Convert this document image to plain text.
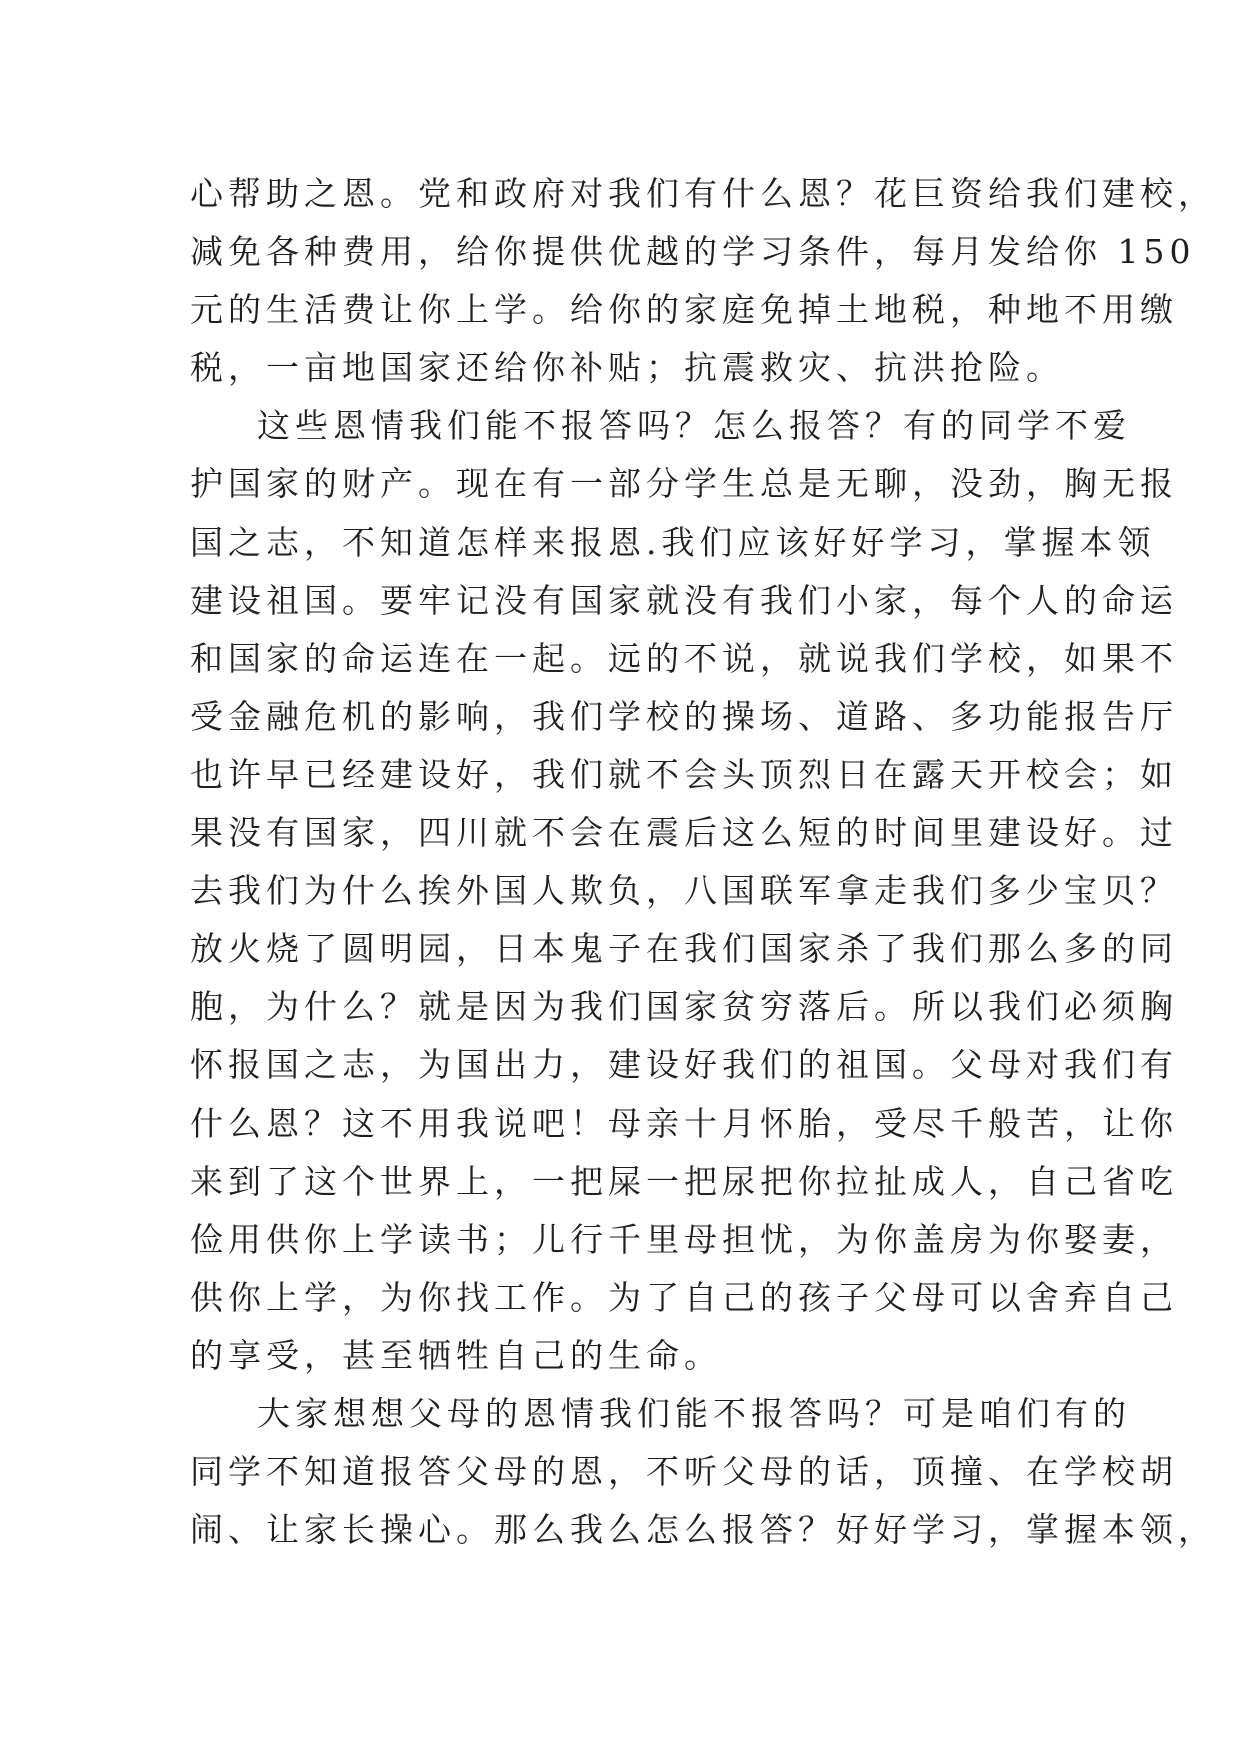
心帮助之恩。党和政府对我们有什么恩？花巨资给我们建校，
减免各种费用，给你提供优越的学习条件，每月发给你 150
元的生活费让你上学。给你的家庭免掉土地税，种地不用缴
税，一亩地国家还给你补贴；抗震救灾、抗洪抢险。
这些恩情我们能不报答吗？怎么报答？有的同学不爱
护国家的财产。现在有一部分学生总是无聊，没劲，胸无报
国之志，不知道怎样来报恩.我们应该好好学习，掌握本领
建设祖国。要牢记没有国家就没有我们小家，每个人的命运
和国家的命运连在一起。远的不说，就说我们学校，如果不
受金融危机的影响，我们学校的操场、道路、多功能报告厅
也许早已经建设好，我们就不会头顶烈日在露天开校会；如
果没有国家，四川就不会在震后这么短的时间里建设好。过
去我们为什么挨外国人欺负，八国联军拿走我们多少宝贝？
放火烧了圆明园，日本鬼子在我们国家杀了我们那么多的同
胞，为什么？就是因为我们国家贫穷落后。所以我们必须胸
怀报国之志，为国出力，建设好我们的祖国。父母对我们有
什么恩？这不用我说吧！母亲十月怀胎，受尽千般苦，让你
来到了这个世界上，一把屎一把尿把你拉扯成人，自己省吃
俭用供你上学读书；儿行千里母担忧，为你盖房为你娶妻，
供你上学，为你找工作。为了自己的孩子父母可以舍弃自己
的享受，甚至牺牲自己的生命。
大家想想父母的恩情我们能不报答吗？可是咱们有的
同学不知道报答父母的恩，不听父母的话，顶撞、在学校胡
闹、让家长操心。那么我么怎么报答？好好学习，掌握本领，
